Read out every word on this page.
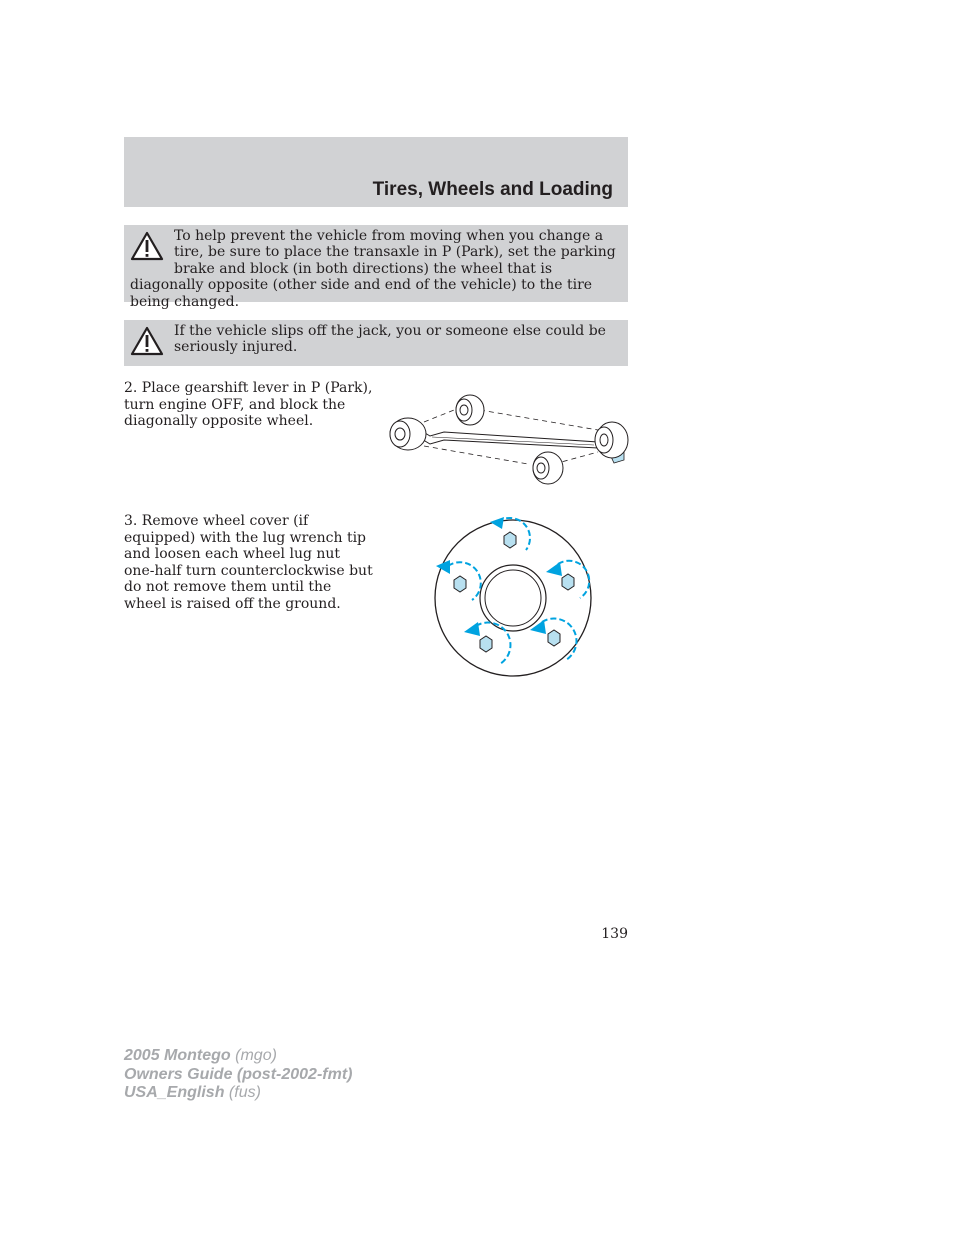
Tires, Wheels and Loading
To help prevent the vehicle from moving when you change a tire, be sure to place the transaxle in P (Park), set the parking brake and block (in both directions) the wheel that is diagonally opposite (other side and end of the vehicle) to the tire being changed.
If the vehicle slips off the jack, you or someone else could be seriously injured.
2. Place gearshift lever in P (Park), turn engine OFF, and block the diagonally opposite wheel.
3. Remove wheel cover (if equipped) with the lug wrench tip and loosen each wheel lug nut one-half turn counterclockwise but do not remove them until the wheel is raised off the ground.
139
2005 Montego (mgo)
Owners Guide (post-2002-fmt)
USA_English (fus)
